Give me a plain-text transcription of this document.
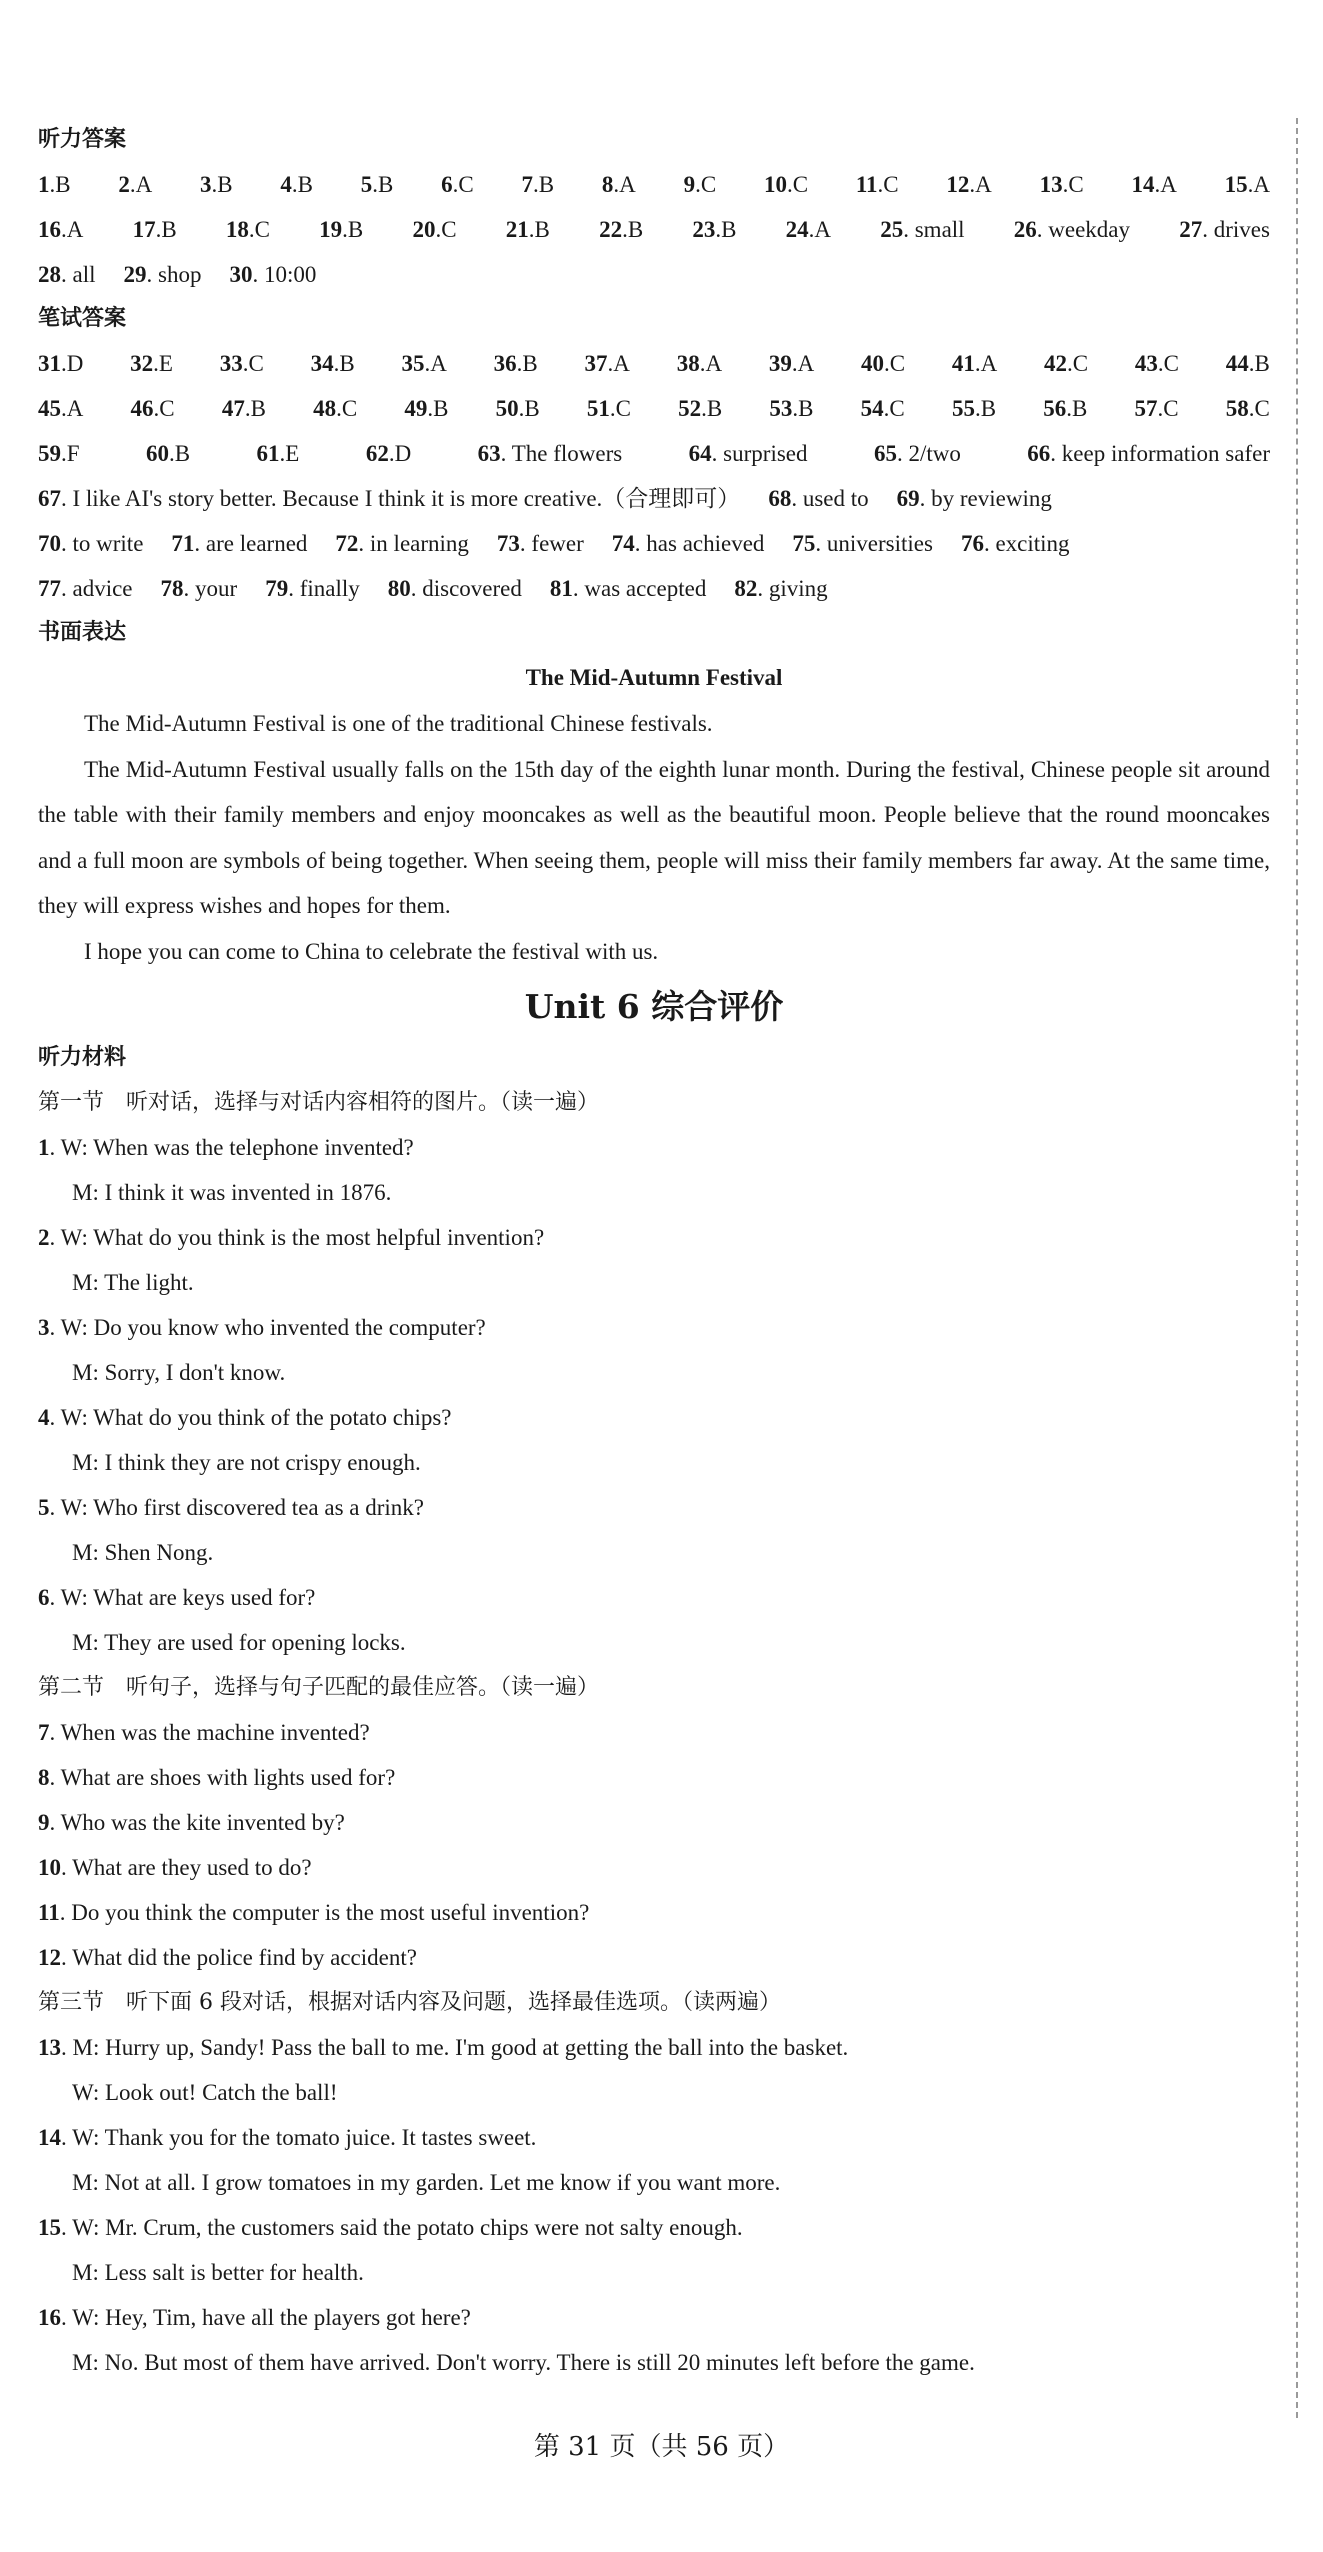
听力答案
1.B 2.A 3.B 4.B 5.B 6.C 7.B 8.A 9.C 10.C 11.C 12.A 13.C 14.A 15.A
16.A 17.B 18.C 19.B 20.C 21.B 22.B 23.B 24.A 25. small 26. weekday 27. drives
28. all 29. shop 30. 10:00
笔试答案
31.D 32.E 33.C 34.B 35.A 36.B 37.A 38.A 39.A 40.C 41.A 42.C 43.C 44.B
45.A 46.C 47.B 48.C 49.B 50.B 51.C 52.B 53.B 54.C 55.B 56.B 57.C 58.C
59.F	60.B	61.E	62.D	63. The flowers	64. surprised	65. 2/two	66. keep information safer
67. I like AI's story better. Because I think it is more creative.（合理即可） 68. used to 69. by reviewing
70. to write 71. are learned 72. in learning 73. fewer 74. has achieved 75. universities 76. exciting
77. advice 78. your 79. finally 80. discovered 81. was accepted 82. giving
书面表达
The Mid-Autumn Festival

The Mid-Autumn Festival is one of the traditional Chinese festivals.

The Mid-Autumn Festival usually falls on the 15th day of the eighth lunar month. During the festival, Chinese people sit around the table with their family members and enjoy mooncakes as well as the beautiful moon. People believe that the round mooncakes and a full moon are symbols of being together. When seeing them, people will miss their family members far away. At the same time, they will express wishes and hopes for them.

I hope you can come to China to celebrate the festival with us.

Unit 6 综合评价
听力材料
第一节　听对话，选择与对话内容相符的图片。（读一遍）
1. W: When was the telephone invented?
M: I think it was invented in 1876.
2. W: What do you think is the most helpful invention?
M: The light.
3. W: Do you know who invented the computer?
M: Sorry, I don't know.
4. W: What do you think of the potato chips?
M: I think they are not crispy enough.
5. W: Who first discovered tea as a drink?
M: Shen Nong.
6. W: What are keys used for?
M: They are used for opening locks.
第二节　听句子，选择与句子匹配的最佳应答。（读一遍）
7. When was the machine invented?
8. What are shoes with lights used for?
9. Who was the kite invented by?
10. What are they used to do?
11. Do you think the computer is the most useful invention?
12. What did the police find by accident?
第三节　听下面 6 段对话，根据对话内容及问题，选择最佳选项。（读两遍）
13. M: Hurry up, Sandy! Pass the ball to me. I'm good at getting the ball into the basket.
W: Look out! Catch the ball!
14. W: Thank you for the tomato juice. It tastes sweet.
M: Not at all. I grow tomatoes in my garden. Let me know if you want more.
15. W: Mr. Crum, the customers said the potato chips were not salty enough.
M: Less salt is better for health.
16. W: Hey, Tim, have all the players got here?
M: No. But most of them have arrived. Don't worry. There is still 20 minutes left before the game.
第 31 页（共 56 页）
